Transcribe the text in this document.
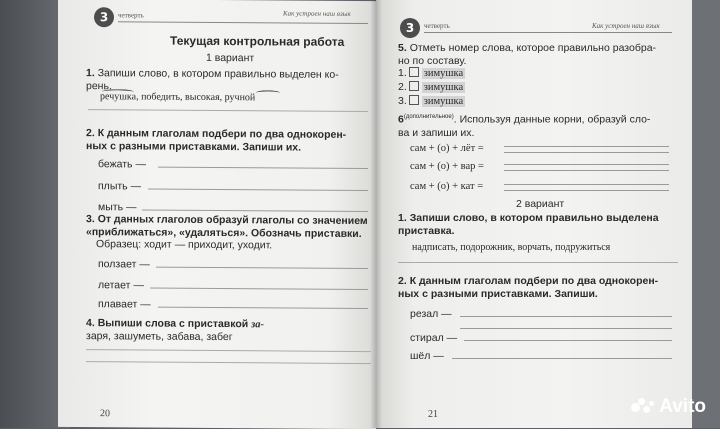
3	четверть	Как устроен наш язык
Текущая контрольная работа
1 вариант
1. Запиши слово, в котором правильно выделен ко-
рень.
речушка, победить, высокая, ручной
2. К данным глаголам подбери по два однокорен-
ных с разными приставками. Запиши их.
бежать —
плыть —
мыть —
3. От данных глаголов образуй глаголы со значением
«приближаться», «удаляться». Обозначь приставки.
Образец: ходит — приходит, уходит.
ползает —
летает —
плавает —
4. Выпиши слова с приставкой за-
заря, зашуметь, забава, забег
20
3	четверть	Как устроен наш язык
5. Отметь номер слова, которое правильно разобра-
но по составу.
1. зимушка
2. зимушка
3. зимушка
$6^{(дополнительное)}$. Используя данные корни, образуй сло-
ва и запиши их.
сам + (о) + лёт =
сам + (о) + вар =
сам + (о) + кат =
2 вариант
1. Запиши слово, в котором правильно выделена
приставка.
надписать, подорожник, ворчать, подружиться
2. К данным глаголам подбери по два однокорен-
ных с разными приставками. Запиши.
резал —
стирал —
шёл —
21	Avito
